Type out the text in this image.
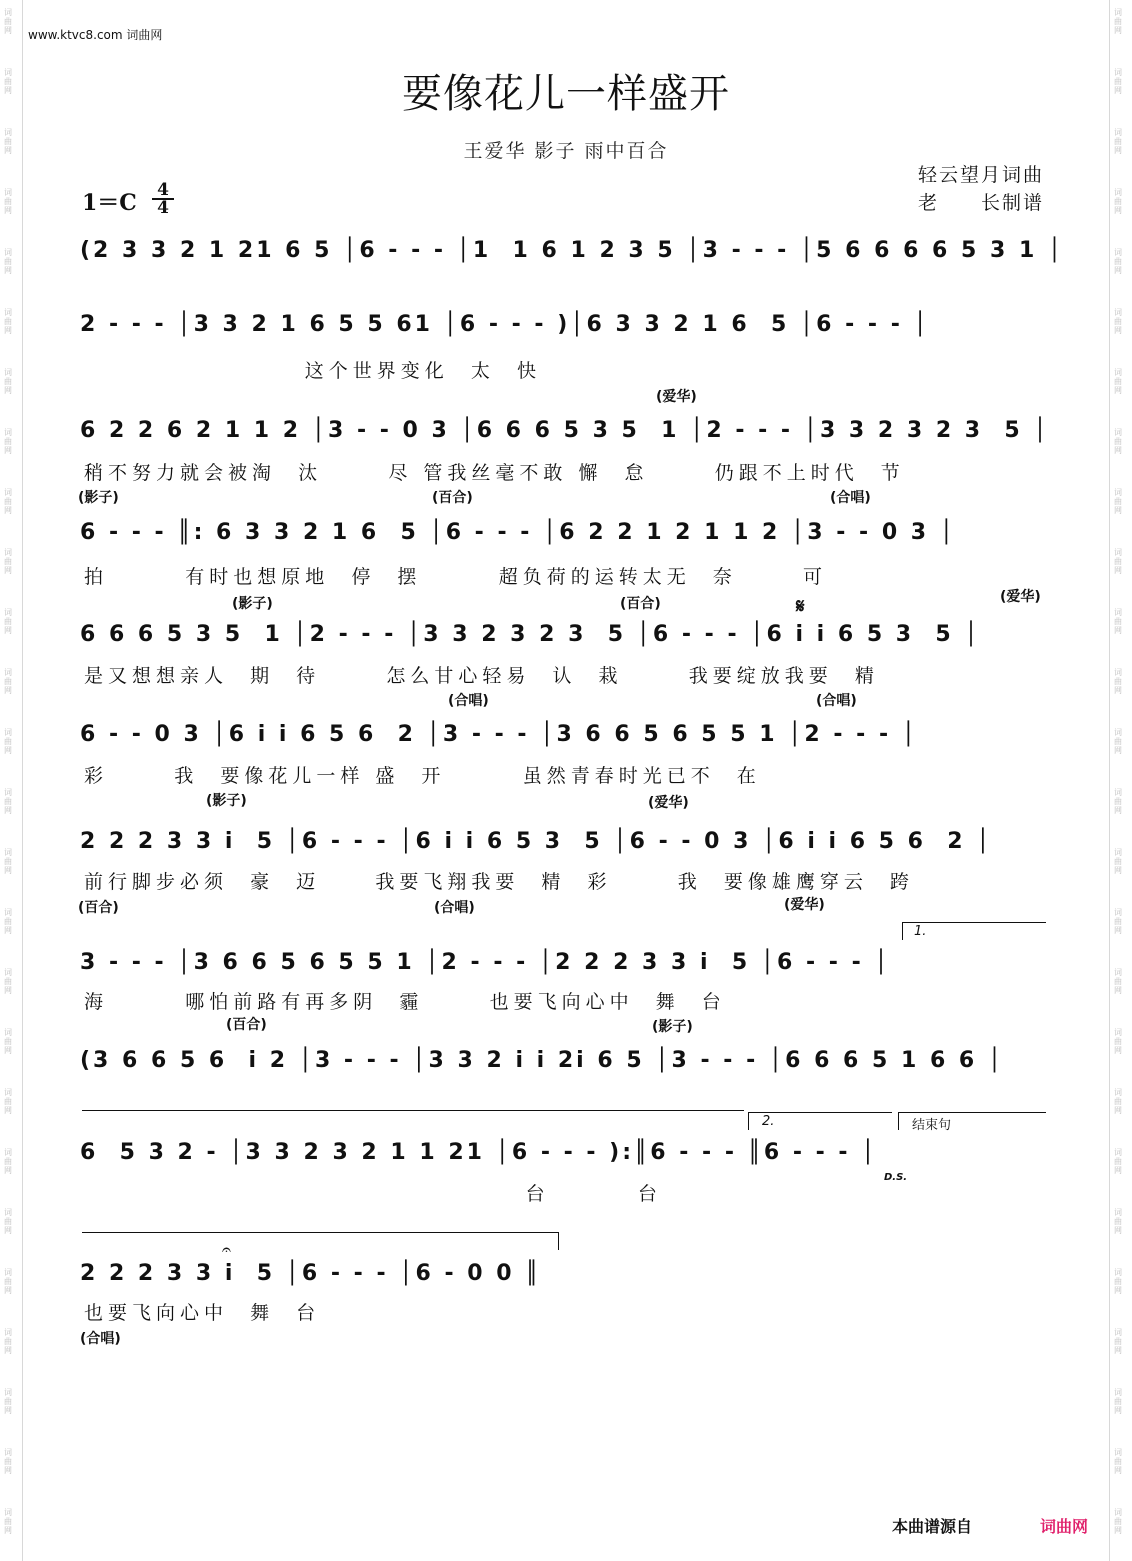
词曲网
词曲网
词曲网
词曲网
词曲网
词曲网
词曲网
词曲网
词曲网
词曲网
词曲网
词曲网
词曲网
词曲网
词曲网
词曲网
词曲网
词曲网
词曲网
词曲网
词曲网
词曲网
词曲网
词曲网
词曲网
词曲网
词曲网
词曲网
词曲网
词曲网
词曲网
词曲网
词曲网
词曲网
词曲网
词曲网
词曲网
词曲网
词曲网
词曲网
词曲网
词曲网
词曲网
词曲网
词曲网
词曲网
词曲网
词曲网
词曲网
词曲网
词曲网
词曲网
www.ktvc8.com 词曲网
要像花儿一样盛开
王爱华 影子 雨中百合
轻云望月词曲
老　　长制谱
1＝C 4
4
(2 3 3 2 1 21 6 5 │6 - - - │1  1 6 1 2 3 5 │3 - - - │5 6 6 6 6 5 3 1 │
2 - - - │3 3 2 1 6 5 5 61 │6 - - - )│6 3 3 2 1 6  5 │6 - - - │
这个世界变化  太  快
(爱华)
6 2 2 6 2 1 1 2 │3 - - 0 3 │6 6 6 5 3 5  1 │2 - - - │3 3 2 3 2 3  5 │
稍不努力就会被淘  汰      尽 管我丝毫不敢 懈  怠      仍跟不上时代  节
(影子)	(百合)	(合唱)
6 - - - ║: 6 3 3 2 1 6  5 │6 - - - │6 2 2 1 2 1 1 2 │3 - - 0 3 │
拍       有时也想原地  停  摆       超负荷的运转太无  奈      可
(影子)	(百合)	(爱华)
𝄋
6 6 6 5 3 5  1 │2 - - - │3 3 2 3 2 3  5 │6 - - - │6 i i 6 5 3  5 │
是又想想亲人  期  待      怎么甘心轻易  认  栽      我要绽放我要  精
(合唱)	(合唱)
6 - - 0 3 │6 i i 6 5 6  2 │3 - - - │3 6 6 5 6 5 5 1 │2 - - - │
彩      我  要像花儿一样 盛  开       虽然青春时光已不  在
(影子)	(爱华)
2 2 2 3 3 i  5 │6 - - - │6 i i 6 5 3  5 │6 - - 0 3 │6 i i 6 5 6  2 │
前行脚步必须  豪  迈     我要飞翔我要  精  彩      我  要像雄鹰穿云  跨
(百合)	(合唱)	(爱华)
1.
3 - - - │3 6 6 5 6 5 5 1 │2 - - - │2 2 2 3 3 i  5 │6 - - - │
海       哪怕前路有再多阴  霾      也要飞向心中  舞  台
(百合)	(影子)
(3 6 6 5 6  i 2 │3 - - - │3 3 2 i i 2i 6 5 │3 - - - │6 6 6 5 1 6 6 │
2.	结束句
6  5 3 2 - │3 3 2 3 2 1 1 21 │6 - - - ):║6 - - - ║6 - - - │
D.S.
台        台
2 2 2 3 3 i  5 │6 - - - │6 - 0 0 ║
𝄐
也要飞向心中  舞  台
(合唱)
本曲谱源自	词曲网
